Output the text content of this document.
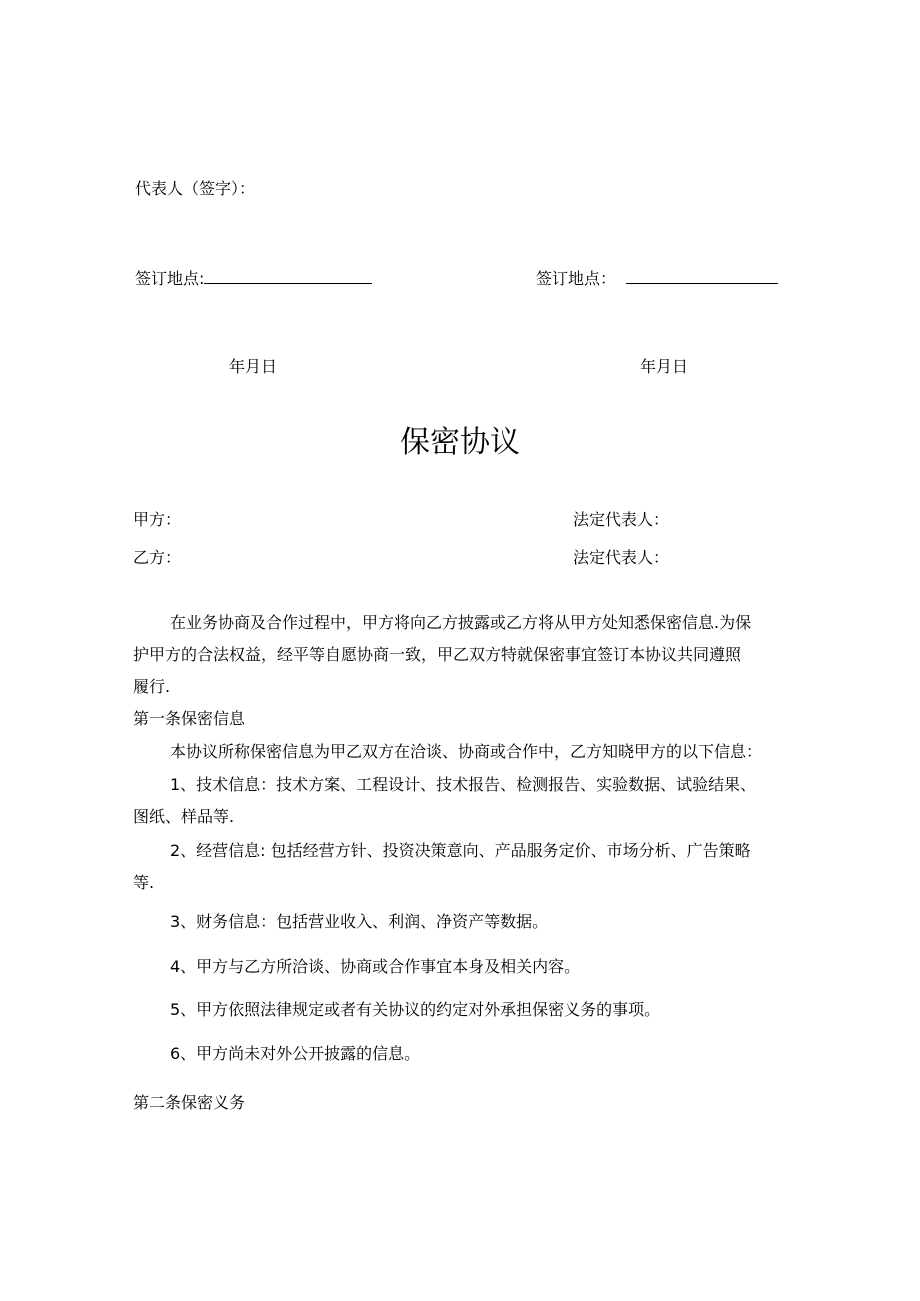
代表人（签字）：
签订地点:	签订地点：
年月日	年月日
保密协议
甲方：	法定代表人：
乙方：	法定代表人：
在业务协商及合作过程中，甲方将向乙方披露或乙方将从甲方处知悉保密信息.为保
护甲方的合法权益，经平等自愿协商一致，甲乙双方特就保密事宜签订本协议共同遵照
履行.
第一条保密信息
本协议所称保密信息为甲乙双方在洽谈、协商或合作中，乙方知晓甲方的以下信息：
1、技术信息：技术方案、工程设计、技术报告、检测报告、实验数据、试验结果、
图纸、样品等.
2、经营信息: 包括经营方针、投资决策意向、产品服务定价、市场分析、广告策略
等.
3、财务信息：包括营业收入、利润、净资产等数据。
4、甲方与乙方所洽谈、协商或合作事宜本身及相关内容。
5、甲方依照法律规定或者有关协议的约定对外承担保密义务的事项。
6、甲方尚未对外公开披露的信息。
第二条保密义务
